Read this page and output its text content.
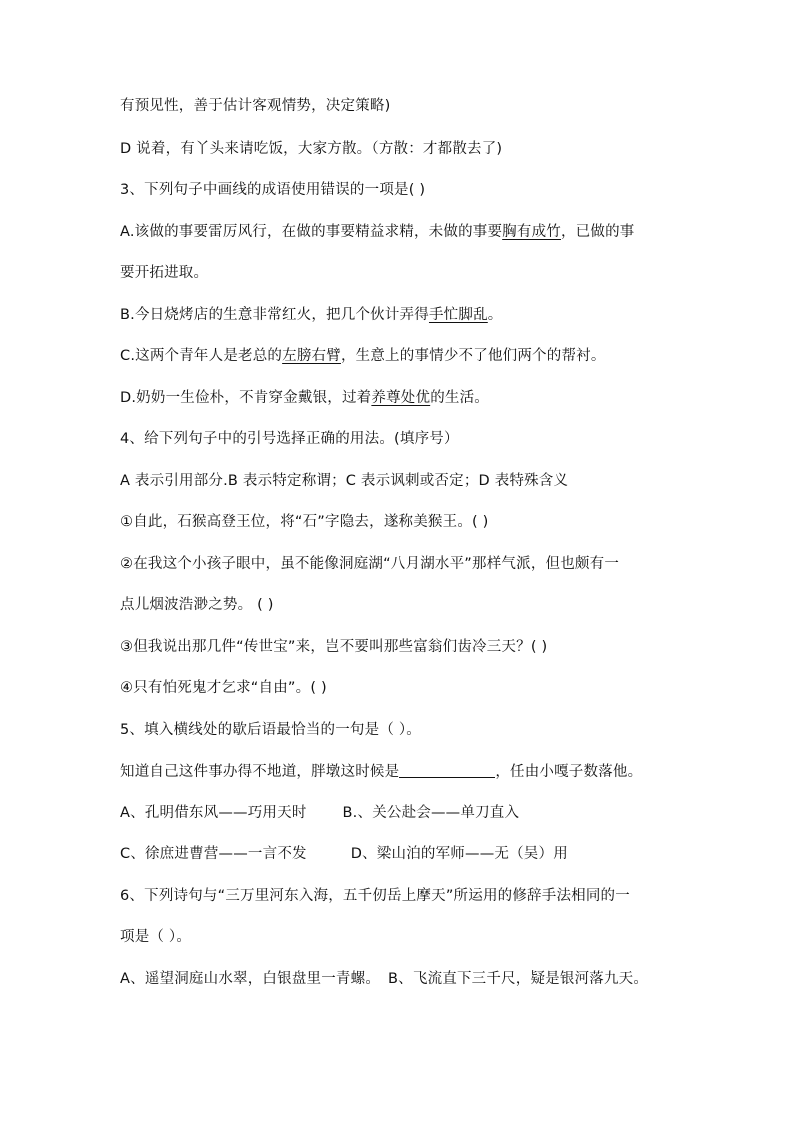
有预见性，善于估计客观情势，决定策略)
D 说着，有丫头来请吃饭，大家方散。（方散：才都散去了)
3、下列句子中画线的成语使用错误的一项是( )
A.该做的事要雷厉风行，在做的事要精益求精，未做的事要胸有成竹，已做的事
要开拓进取。
B.今日烧烤店的生意非常红火，把几个伙计弄得手忙脚乱。
C.这两个青年人是老总的左膀右臂，生意上的事情少不了他们两个的帮衬。
D.奶奶一生俭朴，不肯穿金戴银，过着养尊处优的生活。
4、给下列句子中的引号选择正确的用法。(填序号）
A 表示引用部分.B 表示特定称谓；C 表示讽刺或否定；D 表特殊含义
①自此，石猴高登王位，将“石”字隐去，遂称美猴王。( )
②在我这个小孩子眼中，虽不能像洞庭湖“八月湖水平”那样气派，但也颇有一
点儿烟波浩渺之势。 ( )
③但我说出那几件“传世宝”来，岂不要叫那些富翁们齿冷三天？( )
④只有怕死鬼才乞求“自由”。( )
5、填入横线处的歇后语最恰当的一句是（ ）。
知道自己这件事办得不地道，胖墩这时候是	，任由小嘎子数落他。
A、孔明借东风——巧用天时 B.、关公赴会——单刀直入
C、徐庶进曹营——一言不发	D、梁山泊的军师——无（吴）用
6、下列诗句与“三万里河东入海，五千仞岳上摩天”所运用的修辞手法相同的一
项是（ ）。
A、遥望洞庭山水翠，白银盘里一青螺。 B、飞流直下三千尺，疑是银河落九天。
